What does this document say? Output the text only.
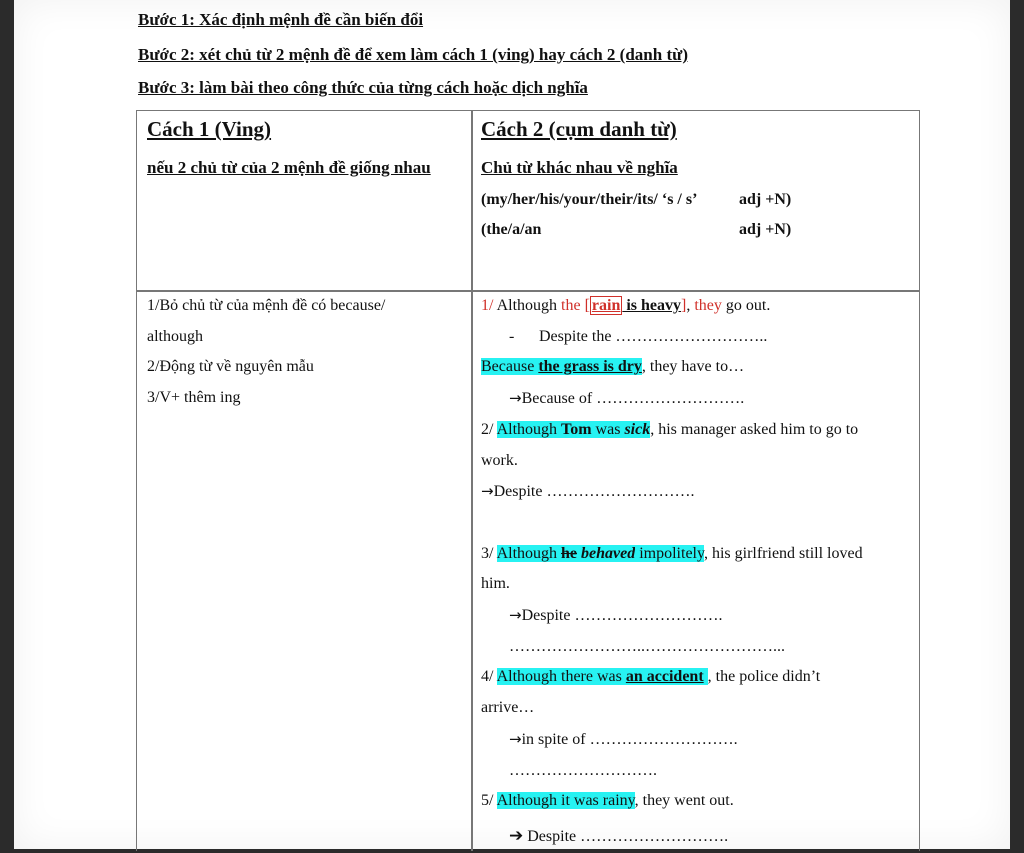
Bước 1: Xác định mệnh đề cần biến đổi
Bước 2: xét chủ từ 2 mệnh đề để xem làm cách 1 (ving) hay cách 2 (danh từ)
Bước 3: làm bài theo công thức của từng cách hoặc dịch nghĩa
Cách 1 (Ving)
nếu 2 chủ từ của 2 mệnh đề giống nhau
Cách 2 (cụm danh từ)
Chủ từ khác nhau về nghĩa
(my/her/his/your/their/its/ ‘s / s’	adj +N)
(the/a/an	adj +N)
1/Bỏ chủ từ của mệnh đề có because/
although
2/Động từ về nguyên mẫu
3/V+ thêm ing
1/ Although the [ rain is heavy], they go out.
- Despite the ………………………..
Because the grass is dry, they have to…
→Because of ……………………….
2/ Although Tom was sick, his manager asked him to go to
work.
→Despite ……………………….

3/ Although he behaved impolitely, his girlfriend still loved
him.
→Despite ……………………….
……………………..……………………...
4/ Although there was an accident , the police didn’t
arrive…
→in spite of ……………………….
……………………….
5/ Although it was rainy, they went out.
➔ Despite ……………………….
